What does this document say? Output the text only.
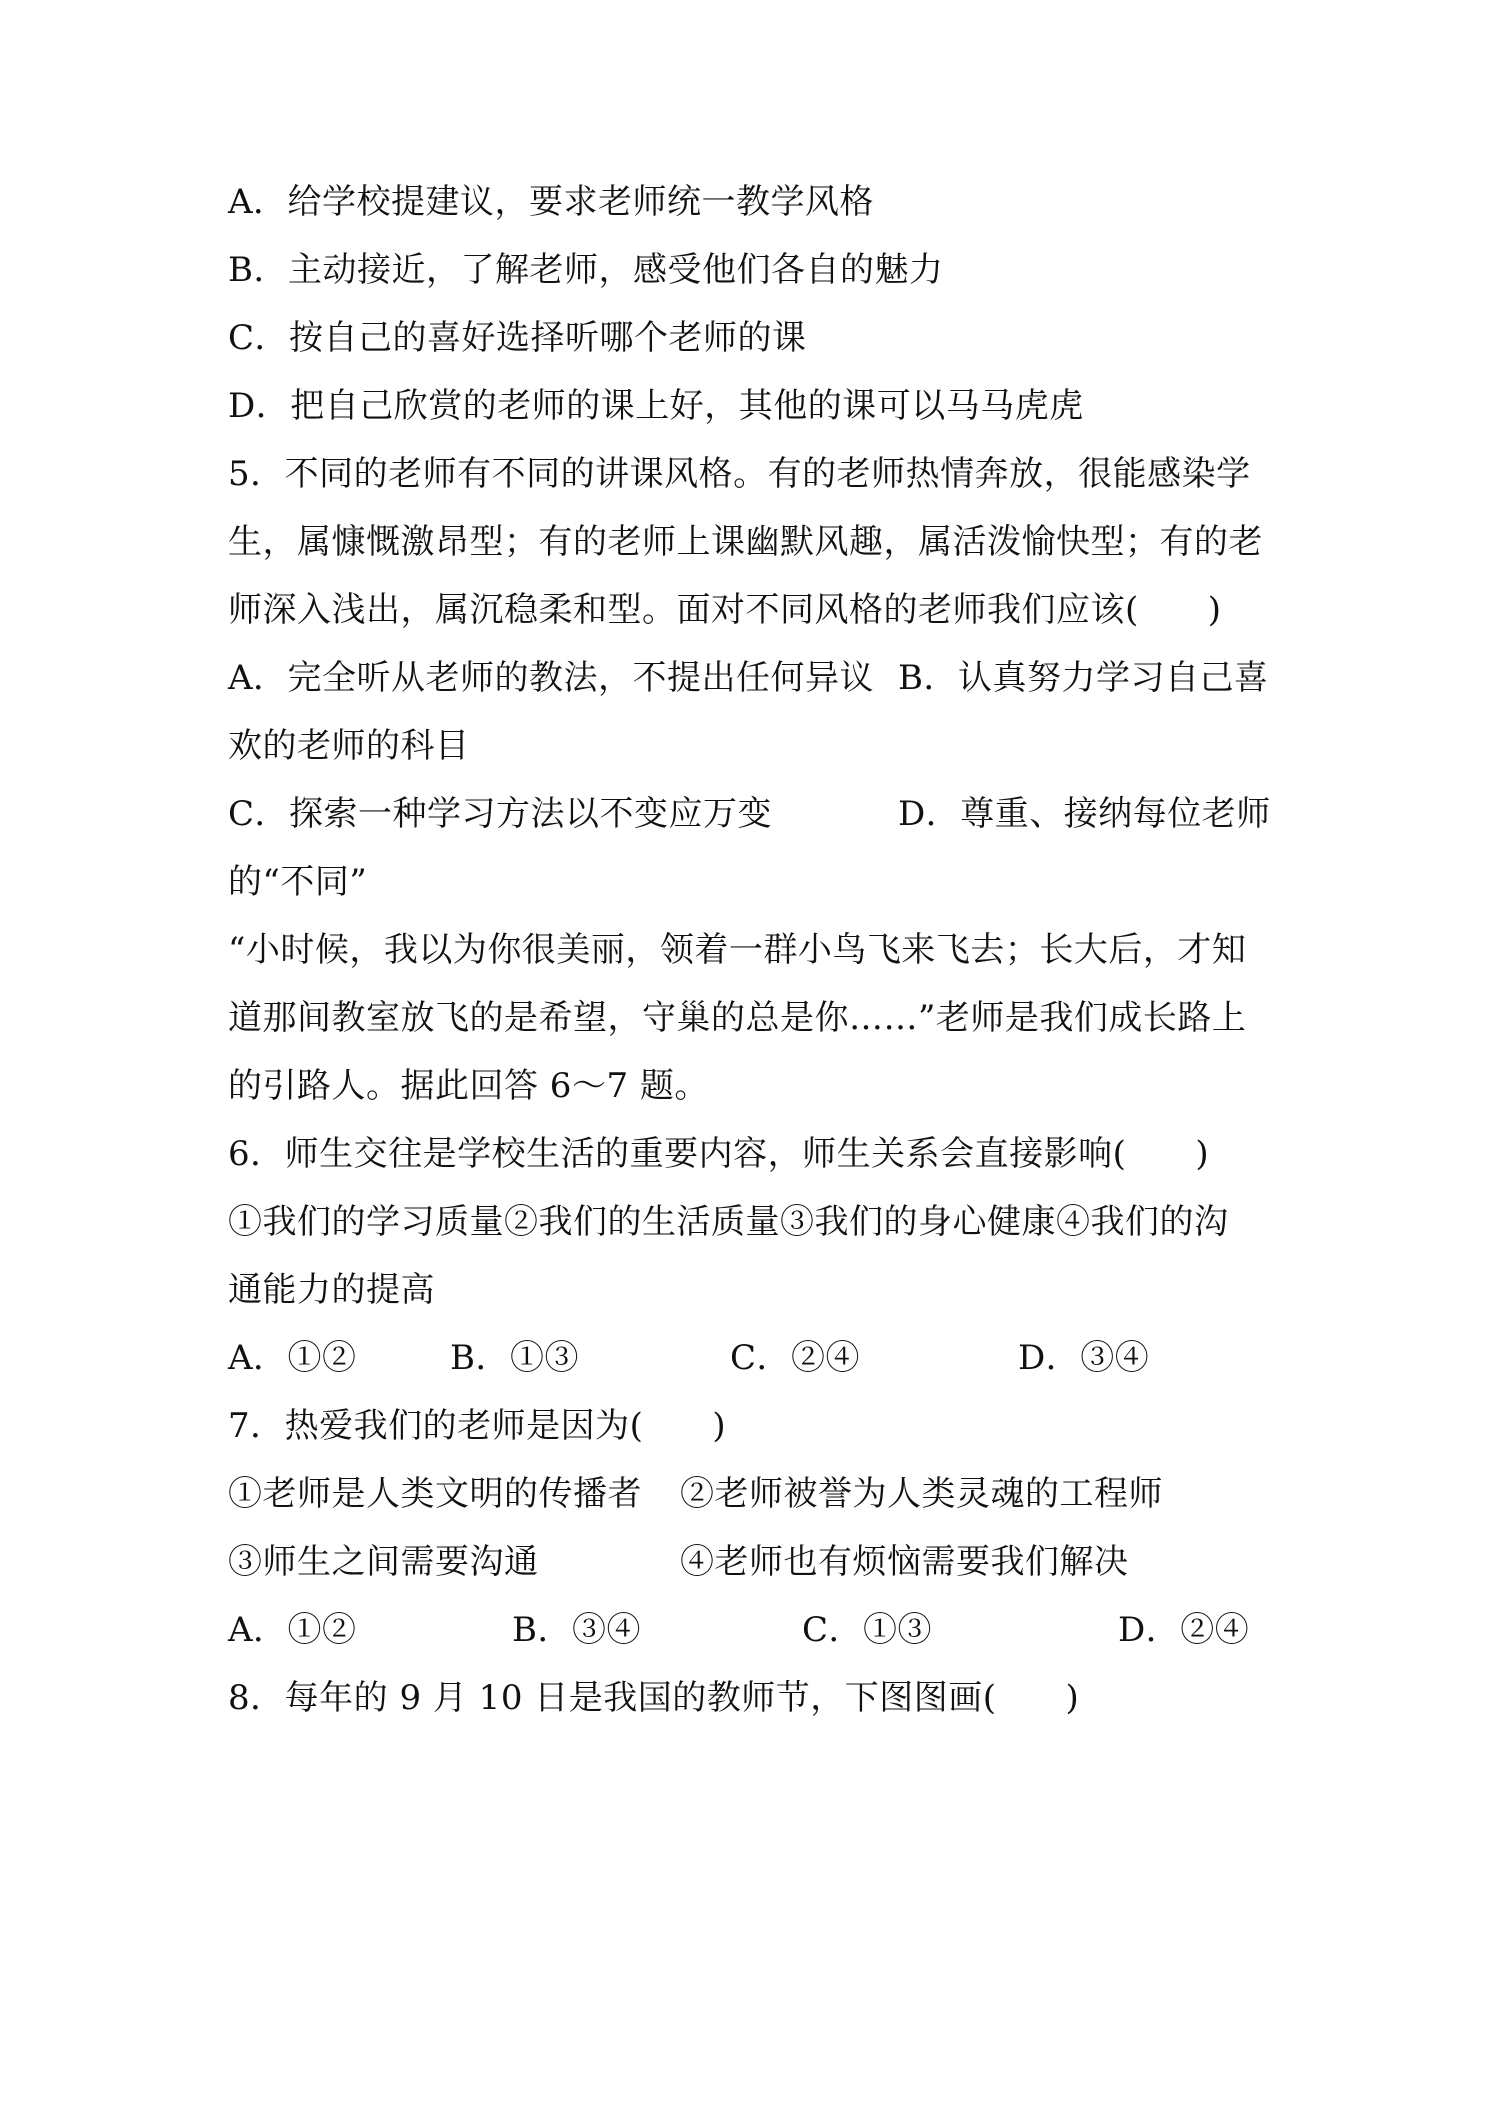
A．给学校提建议，要求老师统一教学风格
B．主动接近，了解老师，感受他们各自的魅力
C．按自己的喜好选择听哪个老师的课
D．把自己欣赏的老师的课上好，其他的课可以马马虎虎
5．不同的老师有不同的讲课风格。有的老师热情奔放，很能感染学
生，属慷慨激昂型；有的老师上课幽默风趣，属活泼愉快型；有的老
师深入浅出，属沉稳柔和型。面对不同风格的老师我们应该(　　)

A．完全听从老师的教法，不提出任何异议

B．认真努力学习自己喜

欢的老师的科目

C．探索一种学习方法以不变应万变

	D．尊重、接纳每位老师

的“不同”
“小时候，我以为你很美丽，领着一群小鸟飞来飞去；长大后，才知
道那间教室放飞的是希望，守巢的总是你……”老师是我们成长路上
的引路人。据此回答 6～7 题。
6．师生交往是学校生活的重要内容，师生关系会直接影响(　　)
①我们的学习质量②我们的生活质量③我们的身心健康④我们的沟
通能力的提高

A．①②

	B．①③

	C．②④

	D．③④

7．热爱我们的老师是因为(　　)

①老师是人类文明的传播者

②老师被誉为人类灵魂的工程师

③师生之间需要沟通

	④老师也有烦恼需要我们解决

A．①②

	B．③④

	C．①③

	D．②④

8．每年的 9 月 10 日是我国的教师节，下图图画(　　)
